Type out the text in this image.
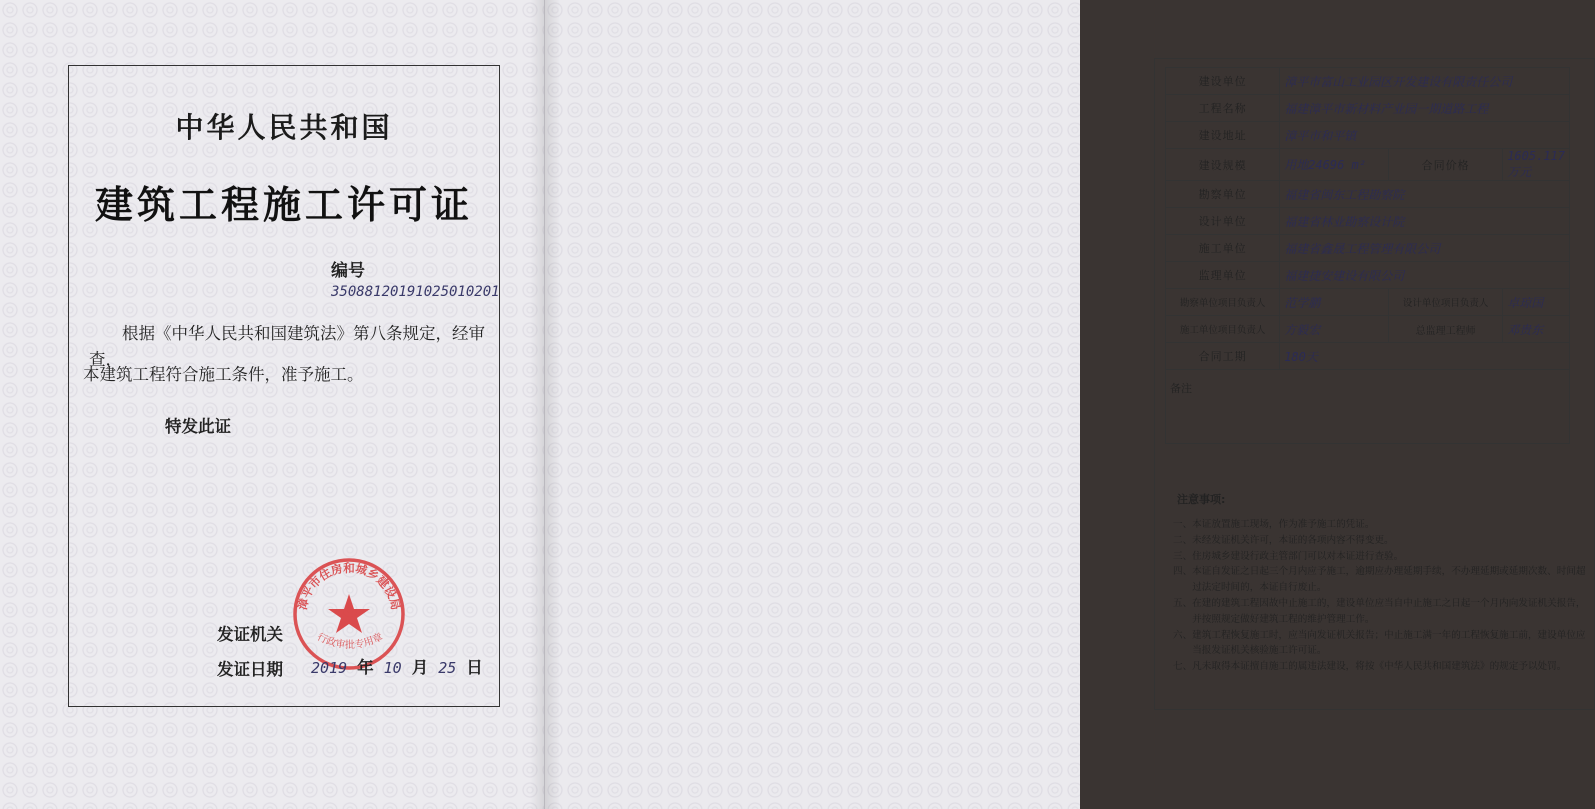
中华人民共和国
建筑工程施工许可证
编号35088120191025010201
根据《中华人民共和国建筑法》第八条规定，经审查，
本建筑工程符合施工条件，准予施工。
特发此证
漳平市住房和城乡建设局
行政审批专用章
发证机关
发证日期 2019 年 10 月 25 日
建设单位	漳平市富山工业园区开发建设有限责任公司		
工程名称	福建漳平市新材料产业园一期道路工程		
建设地址	漳平市和平镇		
建设规模	用地24696 m²	合同价格	1605.117 万元
勘察单位	福建省闽东工程勘察院		
设计单位	福建省林业勘察设计院		
施工单位	福建省鑫晟工程管理有限公司		
监理单位	福建捷安建设有限公司		
勘察单位项目负责人	范学鹏	设计单位项目负责人	卓琼国
施工单位项目负责人	方毅宏	总监理工程师	邓贵东
合同工期	180天		
备注			
注意事项:
一、本证放置施工现场，作为准予施工的凭证。
二、未经发证机关许可，本证的各项内容不得变更。
三、住房城乡建设行政主管部门可以对本证进行查验。
四、本证自发证之日起三个月内应予施工，逾期应办理延期手续，不办理延期或延期次数、时间超过法定时间的，本证自行废止。
五、在建的建筑工程因故中止施工的，建设单位应当自中止施工之日起一个月内向发证机关报告，并按照规定做好建筑工程的维护管理工作。
六、建筑工程恢复施工时，应当向发证机关报告；中止施工满一年的工程恢复施工前，建设单位应当报发证机关核验施工许可证。
七、凡未取得本证擅自施工的属违法建设，将按《中华人民共和国建筑法》的规定予以处罚。
